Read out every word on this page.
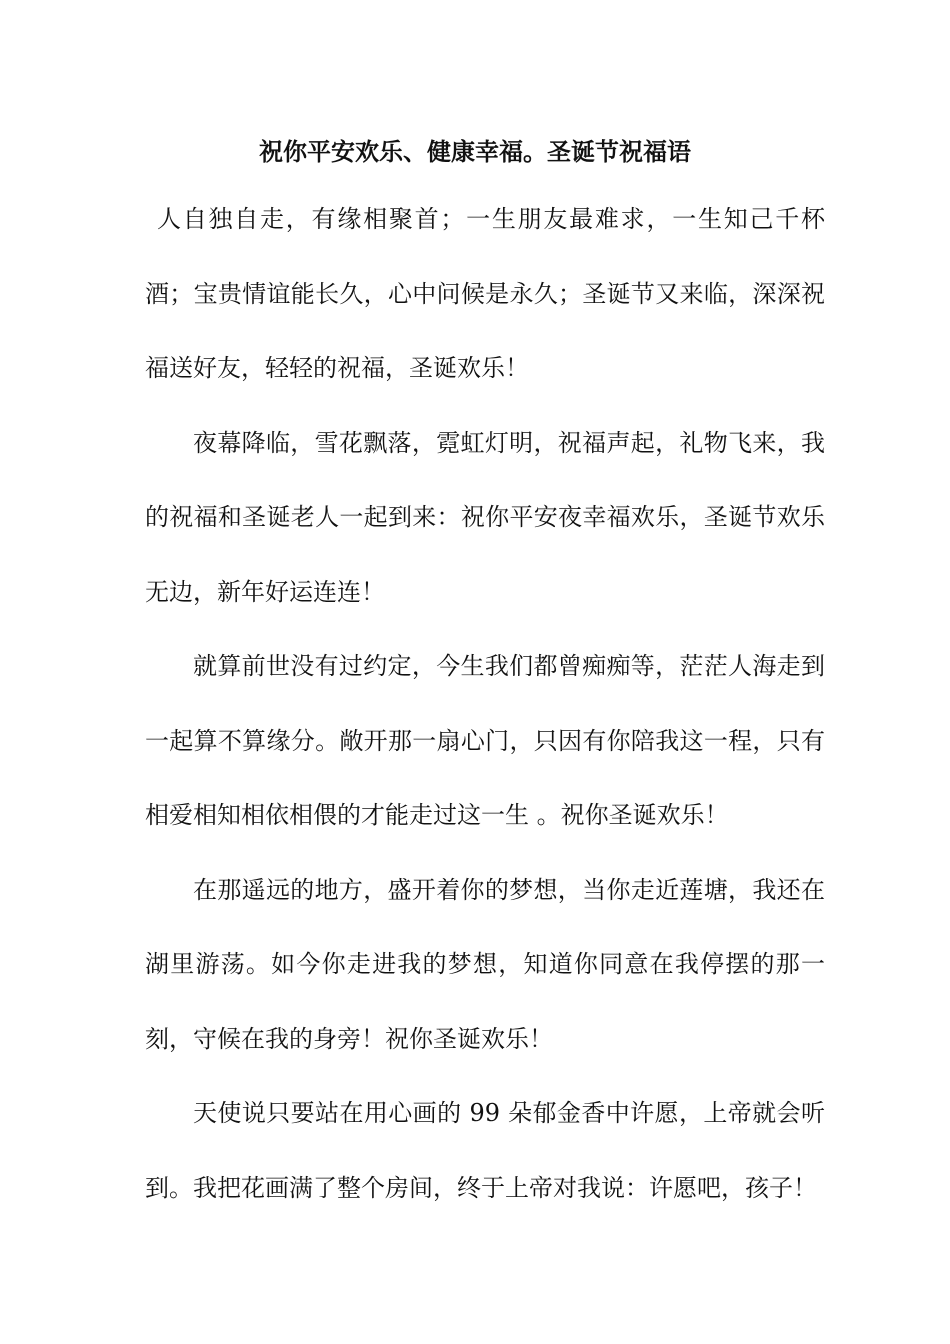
祝你平安欢乐、健康幸福。圣诞节祝福语

人自独自走，有缘相聚首；一生朋友最难求，一生知己千杯酒；宝贵情谊能长久，心中问候是永久；圣诞节又来临，深深祝福送好友，轻轻的祝福，圣诞欢乐！

夜幕降临，雪花飘落，霓虹灯明，祝福声起，礼物飞来，我的祝福和圣诞老人一起到来：祝你平安夜幸福欢乐，圣诞节欢乐无边，新年好运连连！

就算前世没有过约定，今生我们都曾痴痴等，茫茫人海走到一起算不算缘分。敞开那一扇心门，只因有你陪我这一程，只有相爱相知相依相偎的才能走过这一生 。祝你圣诞欢乐！

在那遥远的地方，盛开着你的梦想，当你走近莲塘，我还在湖里游荡。如今你走进我的梦想，知道你同意在我停摆的那一刻，守候在我的身旁！祝你圣诞欢乐！

天使说只要站在用心画的 99 朵郁金香中许愿，上帝就会听到。我把花画满了整个房间，终于上帝对我说：许愿吧，孩子！
